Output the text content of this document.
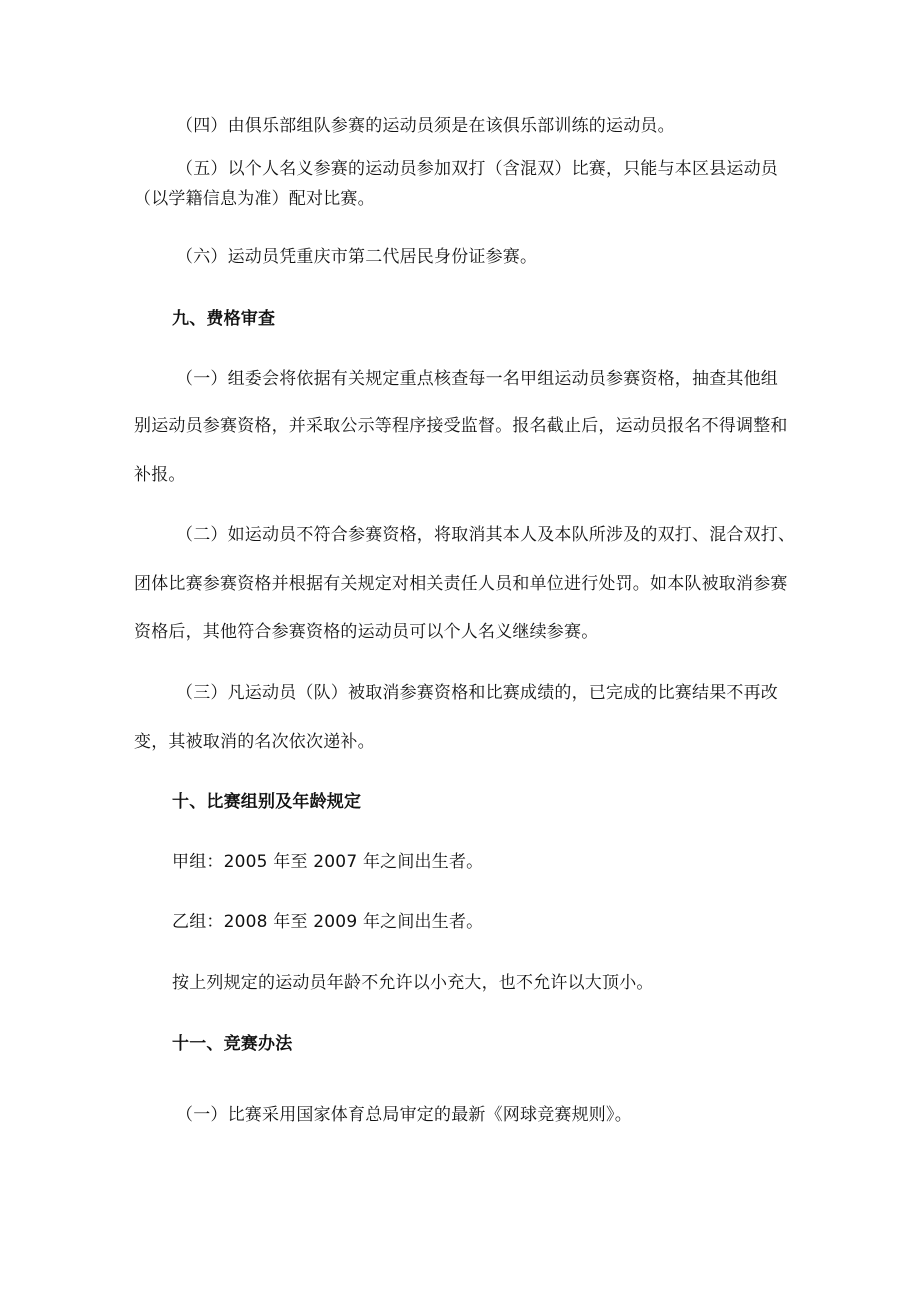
（四）由俱乐部组队参赛的运动员须是在该俱乐部训练的运动员。
（五）以个人名义参赛的运动员参加双打（含混双）比赛，只能与本区县运动员
（以学籍信息为准）配对比赛。
（六）运动员凭重庆市第二代居民身份证参赛。
九、费格审查
（一）组委会将依据有关规定重点核查每一名甲组运动员参赛资格，抽查其他组
别运动员参赛资格，并采取公示等程序接受监督。报名截止后，运动员报名不得调整和
补报。
（二）如运动员不符合参赛资格，将取消其本人及本队所涉及的双打、混合双打、
团体比赛参赛资格并根据有关规定对相关责任人员和单位进行处罚。如本队被取消参赛
资格后，其他符合参赛资格的运动员可以个人名义继续参赛。
（三）凡运动员（队）被取消参赛资格和比赛成绩的，已完成的比赛结果不再改
变，其被取消的名次依次递补。
十、比赛组别及年龄规定
甲组：2005 年至 2007 年之间出生者。
乙组：2008 年至 2009 年之间出生者。
按上列规定的运动员年龄不允许以小充大，也不允许以大顶小。
十一、竞赛办法
（一）比赛采用国家体育总局审定的最新《网球竞赛规则》。
